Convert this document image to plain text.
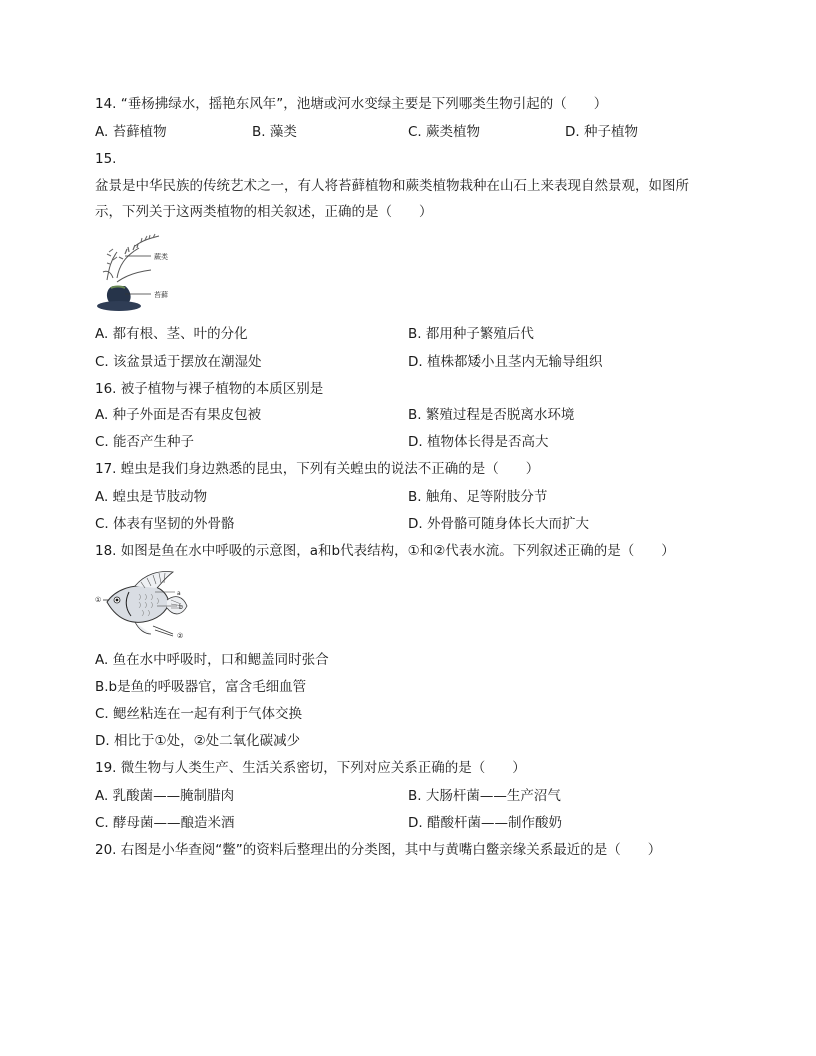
14. “垂杨拂绿水，摇艳东风年”，池塘或河水变绿主要是下列哪类生物引起的（　　）
A. 苔藓植物	B. 藻类	C. 蕨类植物	D. 种子植物
15.
盆景是中华民族的传统艺术之一，有人将苔藓植物和蕨类植物栽种在山石上来表现自然景观，如图所
示，下列关于这两类植物的相关叙述，正确的是（　　）
蕨类
苔藓
A. 都有根、茎、叶的分化	B. 都用种子繁殖后代
C. 该盆景适于摆放在潮湿处	D. 植株都矮小且茎内无输导组织
16. 被子植物与裸子植物的本质区别是
A. 种子外面是否有果皮包被	B. 繁殖过程是否脱离水环境
C. 能否产生种子	D. 植物体长得是否高大
17. 蝗虫是我们身边熟悉的昆虫，下列有关蝗虫的说法不正确的是（　　）
A. 蝗虫是节肢动物	B. 触角、足等附肢分节
C. 体表有坚韧的外骨骼	D. 外骨骼可随身体长大而扩大
18. 如图是鱼在水中呼吸的示意图，a和b代表结构，①和②代表水流。下列叙述正确的是（　　）
①
a
b
②
A. 鱼在水中呼吸时，口和鳃盖同时张合
B.b是鱼的呼吸器官，富含毛细血管
C. 鳃丝粘连在一起有利于气体交换
D. 相比于①处，②处二氧化碳减少
19. 微生物与人类生产、生活关系密切，下列对应关系正确的是（　　）
A. 乳酸菌——腌制腊肉	B. 大肠杆菌——生产沼气
C. 酵母菌——酿造米酒	D. 醋酸杆菌——制作酸奶
20. 右图是小华查阅“鳖”的资料后整理出的分类图，其中与黄嘴白鳖亲缘关系最近的是（　　）
